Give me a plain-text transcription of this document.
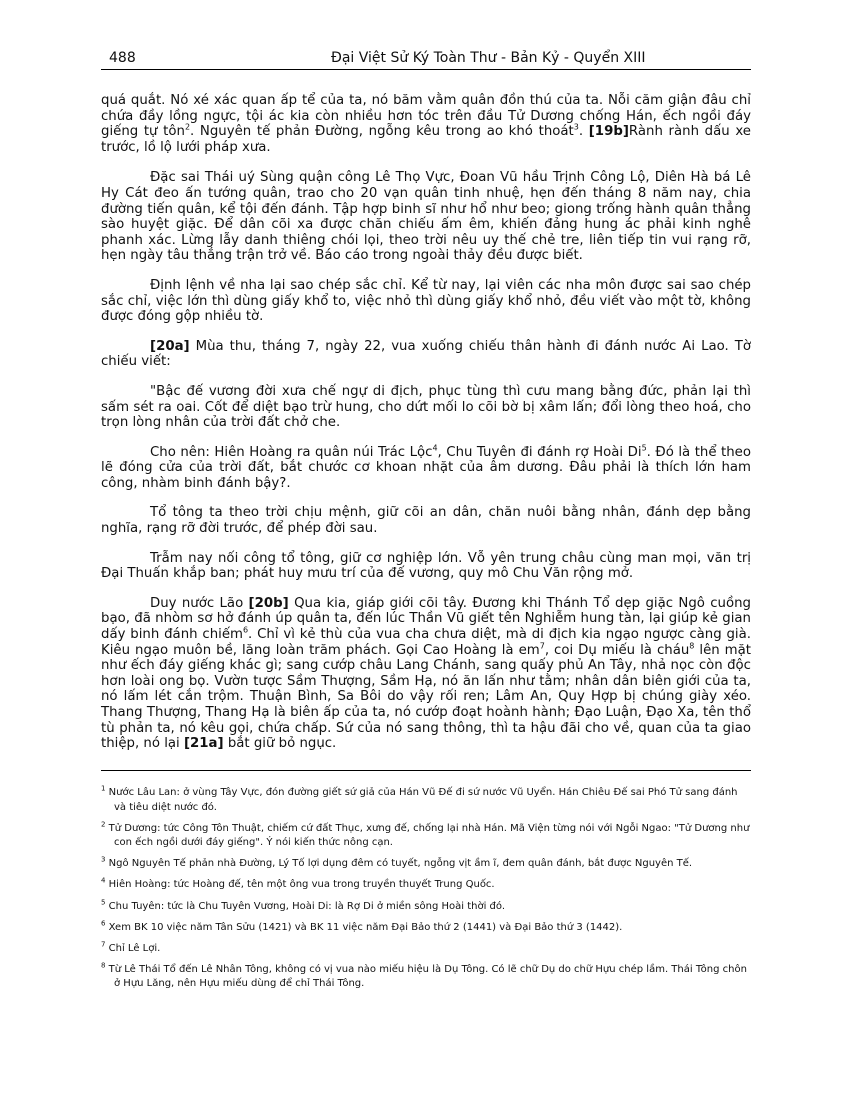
488	Đại Việt Sử Ký Toàn Thư - Bản Kỷ - Quyển XIII

quá quắt. Nó xé xác quan ấp tể của ta, nó băm vằm quân đồn thú của ta. Nỗi căm giận đâu chỉ chứa đầy lồng ngực, tội ác kia còn nhiều hơn tóc trên đầu Tử Dương chống Hán, ếch ngồi đáy giếng tự tôn$^2$. Nguyên tế phản Đường, ngỗng kêu trong ao khó thoát$^3$. [19b]Rành rành dấu xe trước, lồ lộ lưới pháp xưa.

Đặc sai Thái uý Sùng quận công Lê Thọ Vực, Đoan Vũ hầu Trịnh Công Lộ, Diên Hà bá Lê Hy Cát đeo ấn tướng quân, trao cho 20 vạn quân tinh nhuệ, hẹn đến tháng 8 năm nay, chia đường tiến quân, kể tội đến đánh. Tập hợp binh sĩ như hổ như beo; giong trống hành quân thẳng sào huyệt giặc. Để dân cõi xa được chăn chiếu ấm êm, khiến đảng hung ác phải kinh nghê phanh xác. Lừng lẫy danh thiêng chói lọi, theo trời nêu uy thế chẻ tre, liên tiếp tin vui rạng rỡ, hẹn ngày tâu thắng trận trở về. Báo cáo trong ngoài thảy đều được biết.

Định lệnh về nha lại sao chép sắc chỉ. Kể từ nay, lại viên các nha môn được sai sao chép sắc chỉ, việc lớn thì dùng giấy khổ to, việc nhỏ thì dùng giấy khổ nhỏ, đều viết vào một tờ, không được đóng gộp nhiều tờ.

[20a] Mùa thu, tháng 7, ngày 22, vua xuống chiếu thân hành đi đánh nước Ai Lao. Tờ chiếu viết:

"Bậc đế vương đời xưa chế ngự di địch, phục tùng thì cưu mang bằng đức, phản lại thì sấm sét ra oai. Cốt để diệt bạo trừ hung, cho dứt mối lo cõi bờ bị xâm lấn; đổi lòng theo hoá, cho trọn lòng nhân của trời đất chở che.

Cho nên: Hiên Hoàng ra quân núi Trác Lộc$^4$, Chu Tuyên đi đánh rợ Hoài Di$^5$. Đó là thể theo lẽ đóng cửa của trời đất, bắt chước cơ khoan nhặt của âm dương. Đâu phải là thích lớn ham công, nhàm binh đánh bậy?.

Tổ tông ta theo trời chịu mệnh, giữ cõi an dân, chăn nuôi bằng nhân, đánh dẹp bằng nghĩa, rạng rỡ đời trước, để phép đời sau.

Trẫm nay nối công tổ tông, giữ cơ nghiệp lớn. Vỗ yên trung châu cùng man mọi, văn trị Đại Thuấn khắp ban; phát huy mưu trí của đế vương, quy mô Chu Văn rộng mở.

Duy nước Lão [20b] Qua kia, giáp giới cõi tây. Đương khi Thánh Tổ dẹp giặc Ngô cuồng bạo, đã nhòm sơ hở đánh úp quân ta, đến lúc Thần Vũ giết tên Nghiễm hung tàn, lại giúp kẻ gian dấy binh đánh chiếm$^6$. Chỉ vì kẻ thù của vua cha chưa diệt, mà di địch kia ngạo ngược càng già. Kiêu ngạo muôn bề, lăng loàn trăm phách. Gọi Cao Hoàng là $em^7$, coi Dụ miếu là cháu$^8$ lên mặt như ếch đáy giếng khác gì; sang cướp châu Lang Chánh, sang quấy phủ An Tây, nhả nọc còn độc hơn loài ong bọ. Vườn tược Sầm Thượng, Sầm Hạ, nó ăn lấn như tằm; nhân dân biên giới của ta, nó lấm lét cắn trộm. Thuận Bình, Sa Bôi do vậy rối ren; Lâm An, Quy Hợp bị chúng giày xéo. Thang Thượng, Thang Hạ là biên ấp của ta, nó cướp đoạt hoành hành; Đạo Luận, Đạo Xa, tên thổ tù phản ta, nó kêu gọi, chứa chấp. Sứ của nó sang thông, thì ta hậu đãi cho về, quan của ta giao thiệp, nó lại [21a] bắt giữ bỏ ngục.

$^1$ Nước Lâu Lan: ở vùng Tây Vực, đón đường giết sứ giả của Hán Vũ Đế đi sứ nước Vũ Uyển. Hán Chiêu Đế sai Phó Tử sang đánh và tiêu diệt nước đó.
$^2$ Tử Dương: tức Công Tôn Thuật, chiếm cứ đất Thục, xưng đế, chống lại nhà Hán. Mã Viện từng nói với Ngỗi Ngao: "Tử Dương như con ếch ngồi dưới đáy giếng". Ý nói kiến thức nông cạn.
$^3$ Ngô Nguyên Tế phản nhà Đường, Lý Tố lợi dụng đêm có tuyết, ngỗng vịt ầm ĩ, đem quân đánh, bắt được Nguyên Tế.
$^4$ Hiên Hoàng: tức Hoàng đế, tên một ông vua trong truyền thuyết Trung Quốc.
$^5$ Chu Tuyên: tức là Chu Tuyên Vương, Hoài Di: là Rợ Di ở miền sông Hoài thời đó.
$^6$ Xem BK 10 việc năm Tân Sửu (1421) và BK 11 việc năm Đại Bảo thứ 2 (1441) và Đại Bảo thứ 3 (1442).
$^7$ Chỉ Lê Lợi.
$^8$ Từ Lê Thái Tổ đến Lê Nhân Tông, không có vị vua nào miếu hiệu là Dụ Tông. Có lẽ chữ Dụ do chữ Hựu chép lầm. Thái Tông chôn ở Hựu Lăng, nên Hựu miếu dùng để chỉ Thái Tông.
